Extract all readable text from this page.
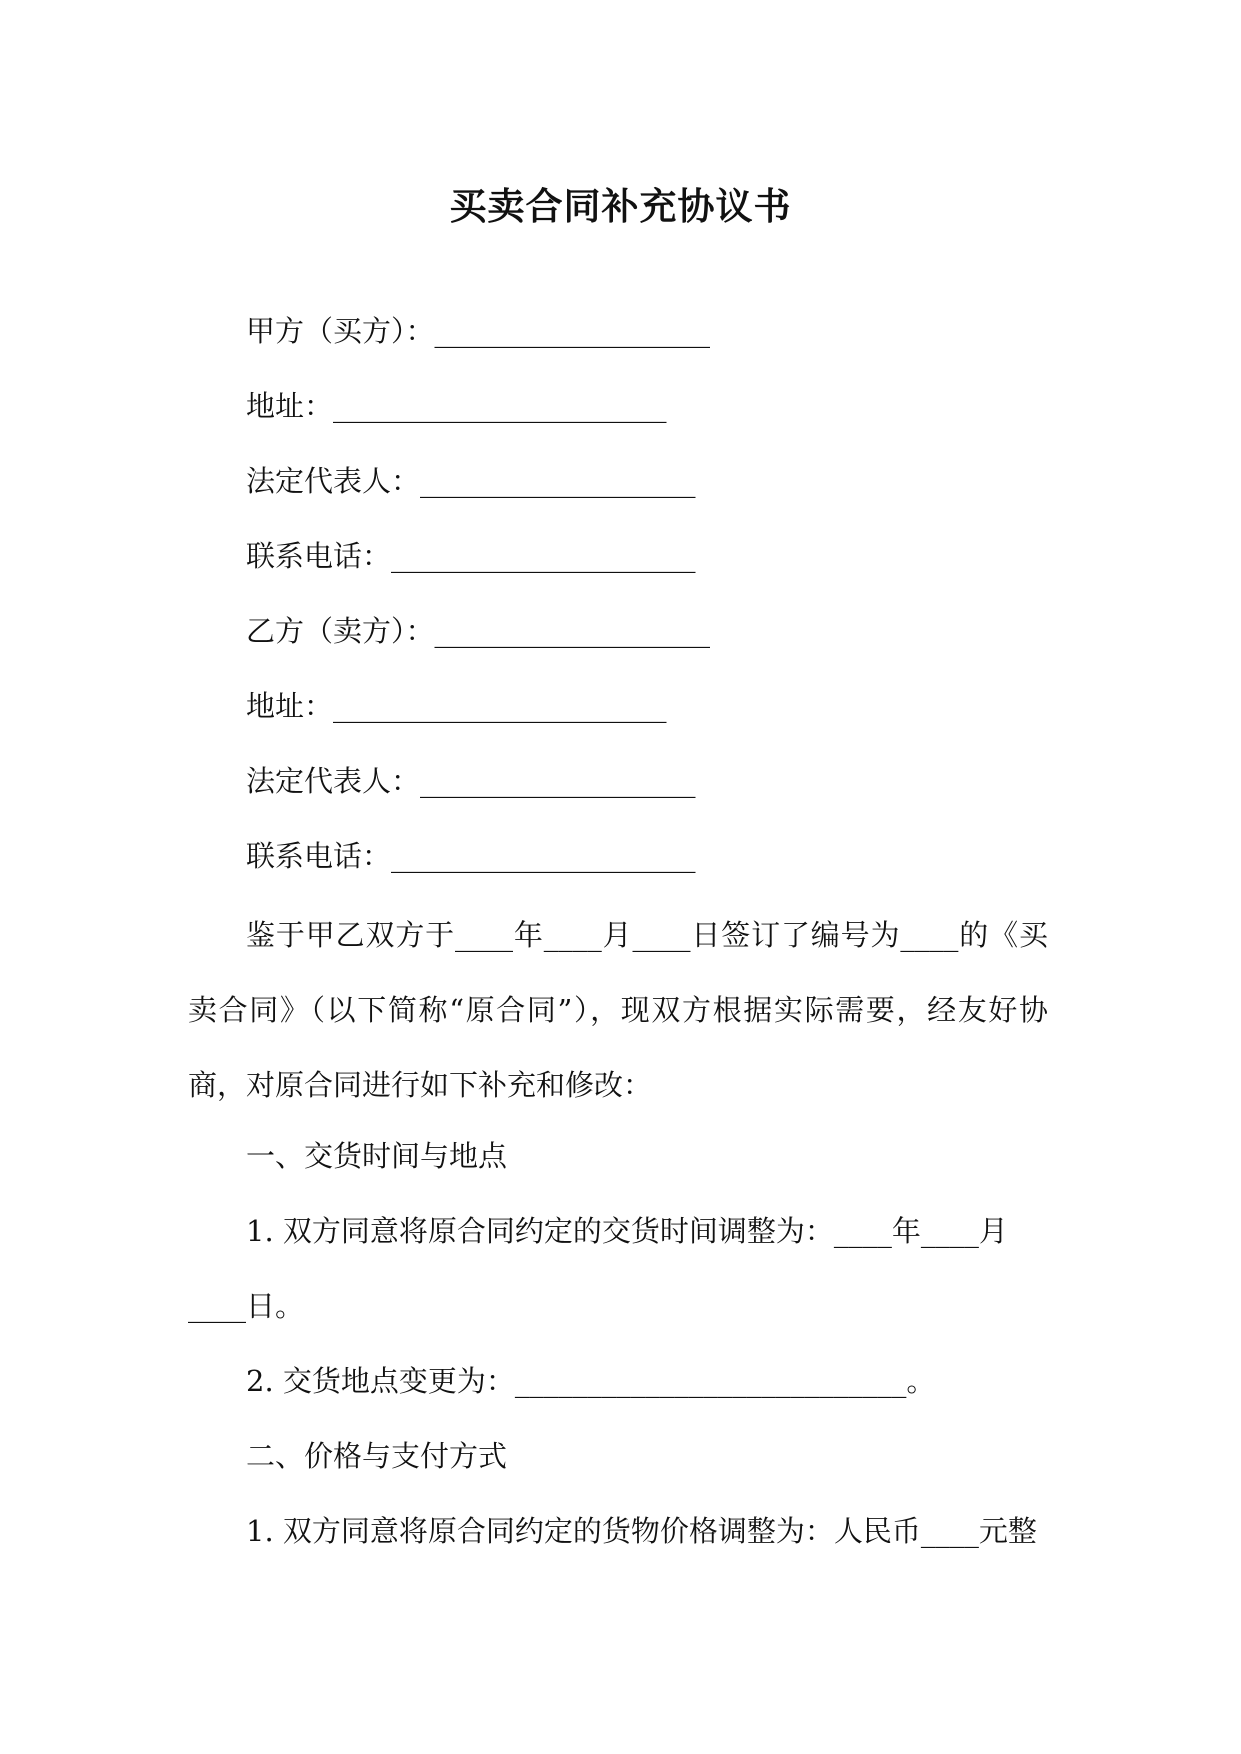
买卖合同补充协议书
甲方（买方）：___________________
地址：_______________________
法定代表人：___________________
联系电话：_____________________
乙方（卖方）：___________________
地址：_______________________
法定代表人：___________________
联系电话：_____________________
鉴于甲乙双方于____年____月____日签订了编号为____的《买卖合同》（以下简称“原合同”），现双方根据实际需要，经友好协商，对原合同进行如下补充和修改：
一、交货时间与地点
1. 双方同意将原合同约定的交货时间调整为：____年____月
____日。
2. 交货地点变更为：___________________________。
二、价格与支付方式
1. 双方同意将原合同约定的货物价格调整为：人民币____元整
